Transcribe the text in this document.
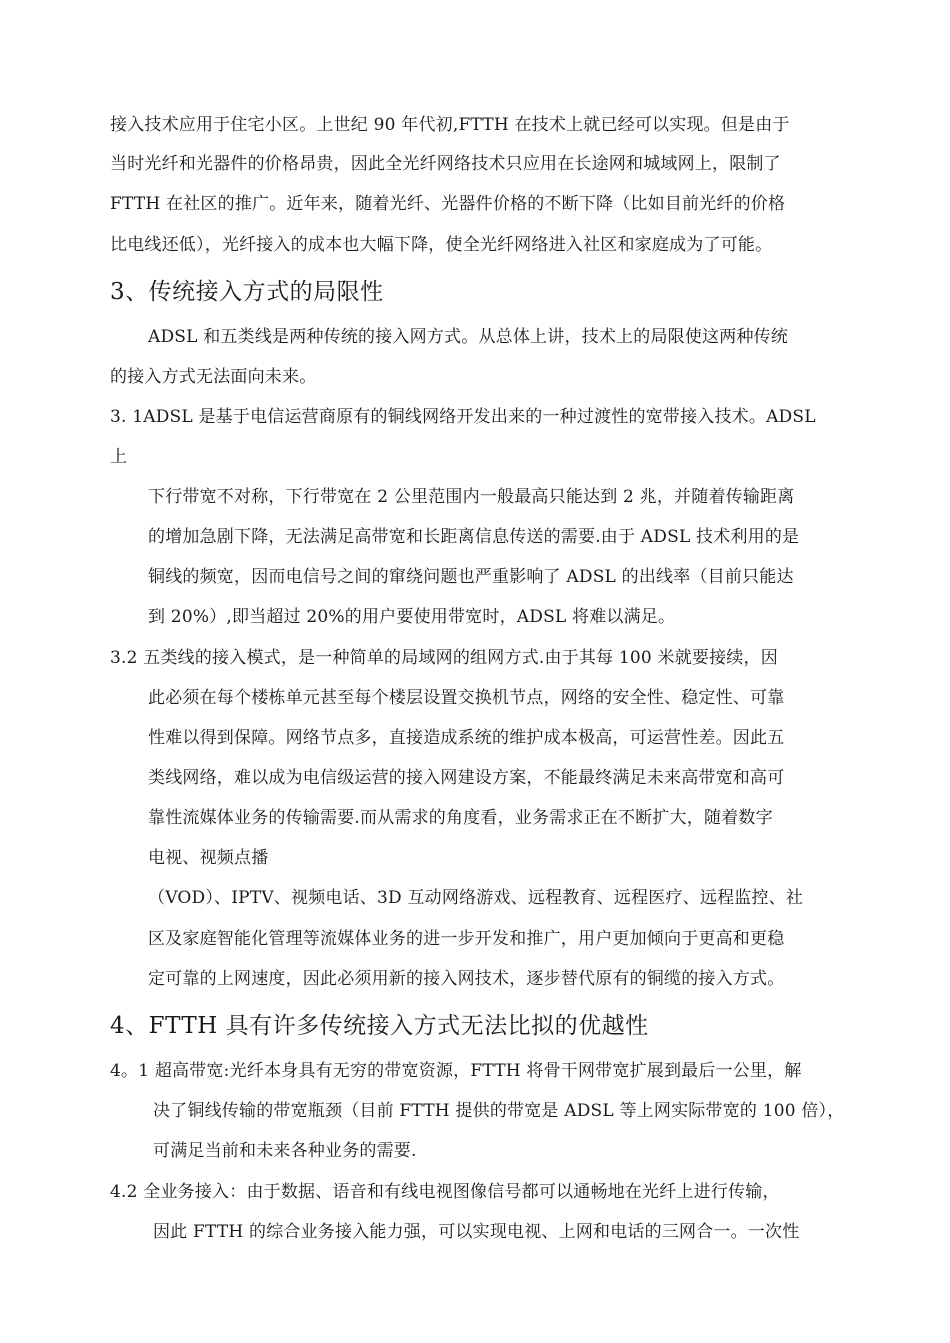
接入技术应用于住宅小区。上世纪 90 年代初,FTTH 在技术上就已经可以实现。但是由于
当时光纤和光器件的价格昂贵，因此全光纤网络技术只应用在长途网和城域网上，限制了
FTTH 在社区的推广。近年来，随着光纤、光器件价格的不断下降（比如目前光纤的价格
比电线还低），光纤接入的成本也大幅下降，使全光纤网络进入社区和家庭成为了可能。
3、传统接入方式的局限性
ADSL 和五类线是两种传统的接入网方式。从总体上讲，技术上的局限使这两种传统
的接入方式无法面向未来。
3. 1ADSL 是基于电信运营商原有的铜线网络开发出来的一种过渡性的宽带接入技术。ADSL
上
下行带宽不对称，下行带宽在 2 公里范围内一般最高只能达到 2 兆，并随着传输距离
的增加急剧下降，无法满足高带宽和长距离信息传送的需要.由于 ADSL 技术利用的是
铜线的频宽，因而电信号之间的窜绕问题也严重影响了 ADSL 的出线率（目前只能达
到 20%）,即当超过 20%的用户要使用带宽时，ADSL 将难以满足。
3.2 五类线的接入模式，是一种简单的局域网的组网方式.由于其每 100 米就要接续，因
此必须在每个楼栋单元甚至每个楼层设置交换机节点，网络的安全性、稳定性、可靠
性难以得到保障。网络节点多，直接造成系统的维护成本极高，可运营性差。因此五
类线网络，难以成为电信级运营的接入网建设方案，不能最终满足未来高带宽和高可
靠性流媒体业务的传输需要.而从需求的角度看，业务需求正在不断扩大，随着数字
电视、视频点播
（VOD）、IPTV、视频电话、3D 互动网络游戏、远程教育、远程医疗、远程监控、社
区及家庭智能化管理等流媒体业务的进一步开发和推广，用户更加倾向于更高和更稳
定可靠的上网速度，因此必须用新的接入网技术，逐步替代原有的铜缆的接入方式。
4、FTTH 具有许多传统接入方式无法比拟的优越性
4。1 超高带宽:光纤本身具有无穷的带宽资源，FTTH 将骨干网带宽扩展到最后一公里，解
决了铜线传输的带宽瓶颈（目前 FTTH 提供的带宽是 ADSL 等上网实际带宽的 100 倍），
可满足当前和未来各种业务的需要.
4.2 全业务接入：由于数据、语音和有线电视图像信号都可以通畅地在光纤上进行传输，
因此 FTTH 的综合业务接入能力强，可以实现电视、上网和电话的三网合一。一次性
